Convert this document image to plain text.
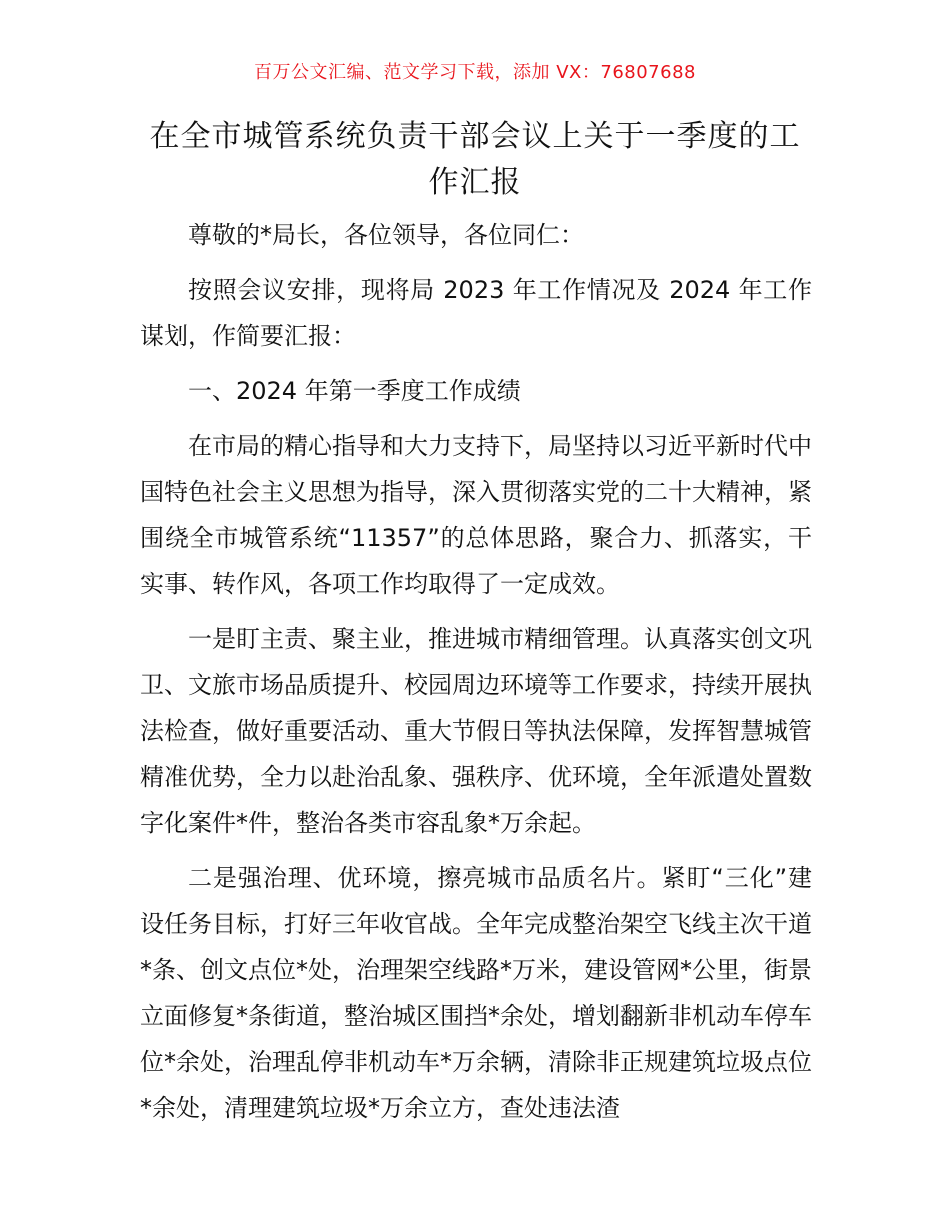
百万公文汇编、范文学习下载，添加 VX：76807688
在全市城管系统负责干部会议上关于一季度的工作汇报

尊敬的*局长，各位领导，各位同仁：

按照会议安排，现将局 2023 年工作情况及 2024 年工作谋划，作简要汇报：

一、2024 年第一季度工作成绩

在市局的精心指导和大力支持下，局坚持以习近平新时代中国特色社会主义思想为指导，深入贯彻落实党的二十大精神，紧围绕全市城管系统“11357”的总体思路，聚合力、抓落实，干实事、转作风，各项工作均取得了一定成效。

一是盯主责、聚主业，推进城市精细管理。认真落实创文巩卫、文旅市场品质提升、校园周边环境等工作要求，持续开展执法检查，做好重要活动、重大节假日等执法保障，发挥智慧城管精准优势，全力以赴治乱象、强秩序、优环境，全年派遣处置数字化案件*件，整治各类市容乱象*万余起。

二是强治理、优环境，擦亮城市品质名片。紧盯“三化”建设任务目标，打好三年收官战。全年完成整治架空飞线主次干道*条、创文点位*处，治理架空线路*万米，建设管网*公里，街景立面修复*条街道，整治城区围挡*余处，增划翻新非机动车停车位*余处，治理乱停非机动车*万余辆，清除非正规建筑垃圾点位*余处，清理建筑垃圾*万余立方，查处违法渣
